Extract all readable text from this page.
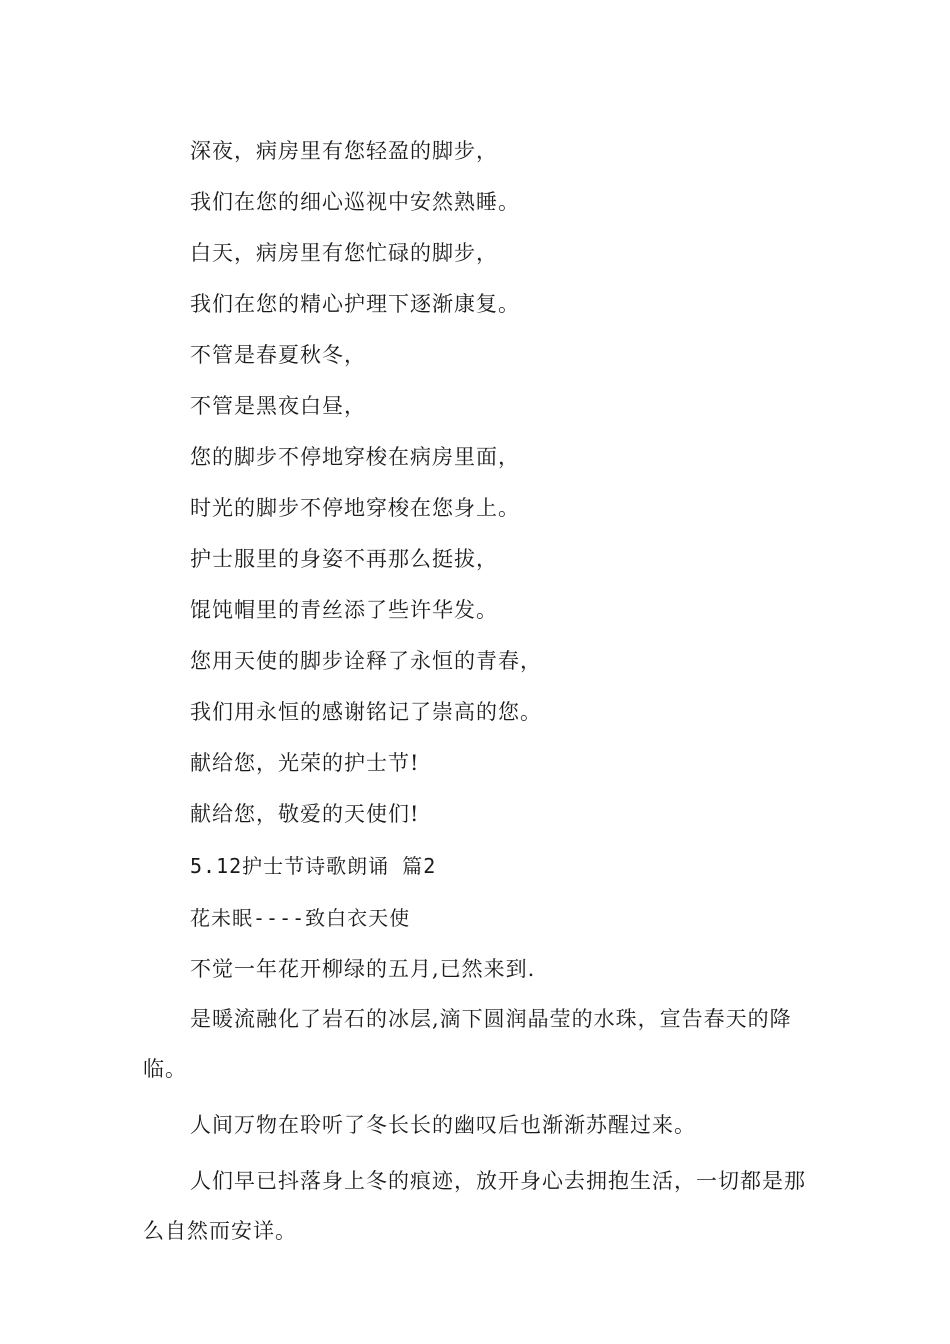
深夜，病房里有您轻盈的脚步，
我们在您的细心巡视中安然熟睡。
白天，病房里有您忙碌的脚步，
我们在您的精心护理下逐渐康复。
不管是春夏秋冬，
不管是黑夜白昼，
您的脚步不停地穿梭在病房里面，
时光的脚步不停地穿梭在您身上。
护士服里的身姿不再那么挺拔，
馄饨帽里的青丝添了些许华发。
您用天使的脚步诠释了永恒的青春，
我们用永恒的感谢铭记了崇高的您。
献给您，光荣的护士节!
献给您，敬爱的天使们!
5.12护士节诗歌朗诵 篇2
花未眠----致白衣天使

不觉一年花开柳绿的五月,已然来到.

是暖流融化了岩石的冰层,滴下圆润晶莹的水珠，宣告春天的降临。

人间万物在聆听了冬长长的幽叹后也渐渐苏醒过来。

人们早已抖落身上冬的痕迹，放开身心去拥抱生活，一切都是那么自然而安详。
